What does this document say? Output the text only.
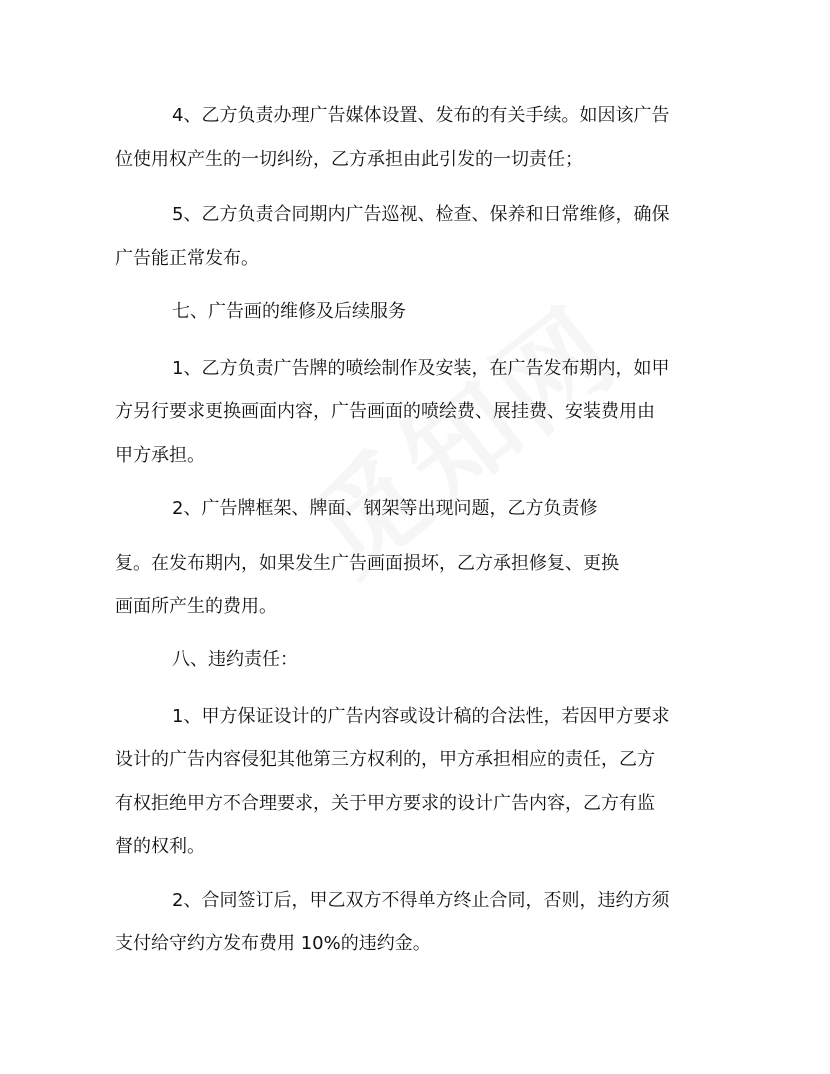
4、乙方负责办理广告媒体设置、发布的有关手续。如因该广告
位使用权产生的一切纠纷，乙方承担由此引发的一切责任；
5、乙方负责合同期内广告巡视、检查、保养和日常维修，确保
广告能正常发布。
七、广告画的维修及后续服务
1、乙方负责广告牌的喷绘制作及安装，在广告发布期内，如甲
方另行要求更换画面内容，广告画面的喷绘费、展挂费、安装费用由
甲方承担。
2、广告牌框架、牌面、钢架等出现问题，乙方负责修
复。在发布期内，如果发生广告画面损坏，乙方承担修复、更换
画面所产生的费用。
八、违约责任：
1、甲方保证设计的广告内容或设计稿的合法性，若因甲方要求
设计的广告内容侵犯其他第三方权利的，甲方承担相应的责任，乙方
有权拒绝甲方不合理要求，关于甲方要求的设计广告内容，乙方有监
督的权利。
2、合同签订后，甲乙双方不得单方终止合同，否则，违约方须
支付给守约方发布费用 10%的违约金。
